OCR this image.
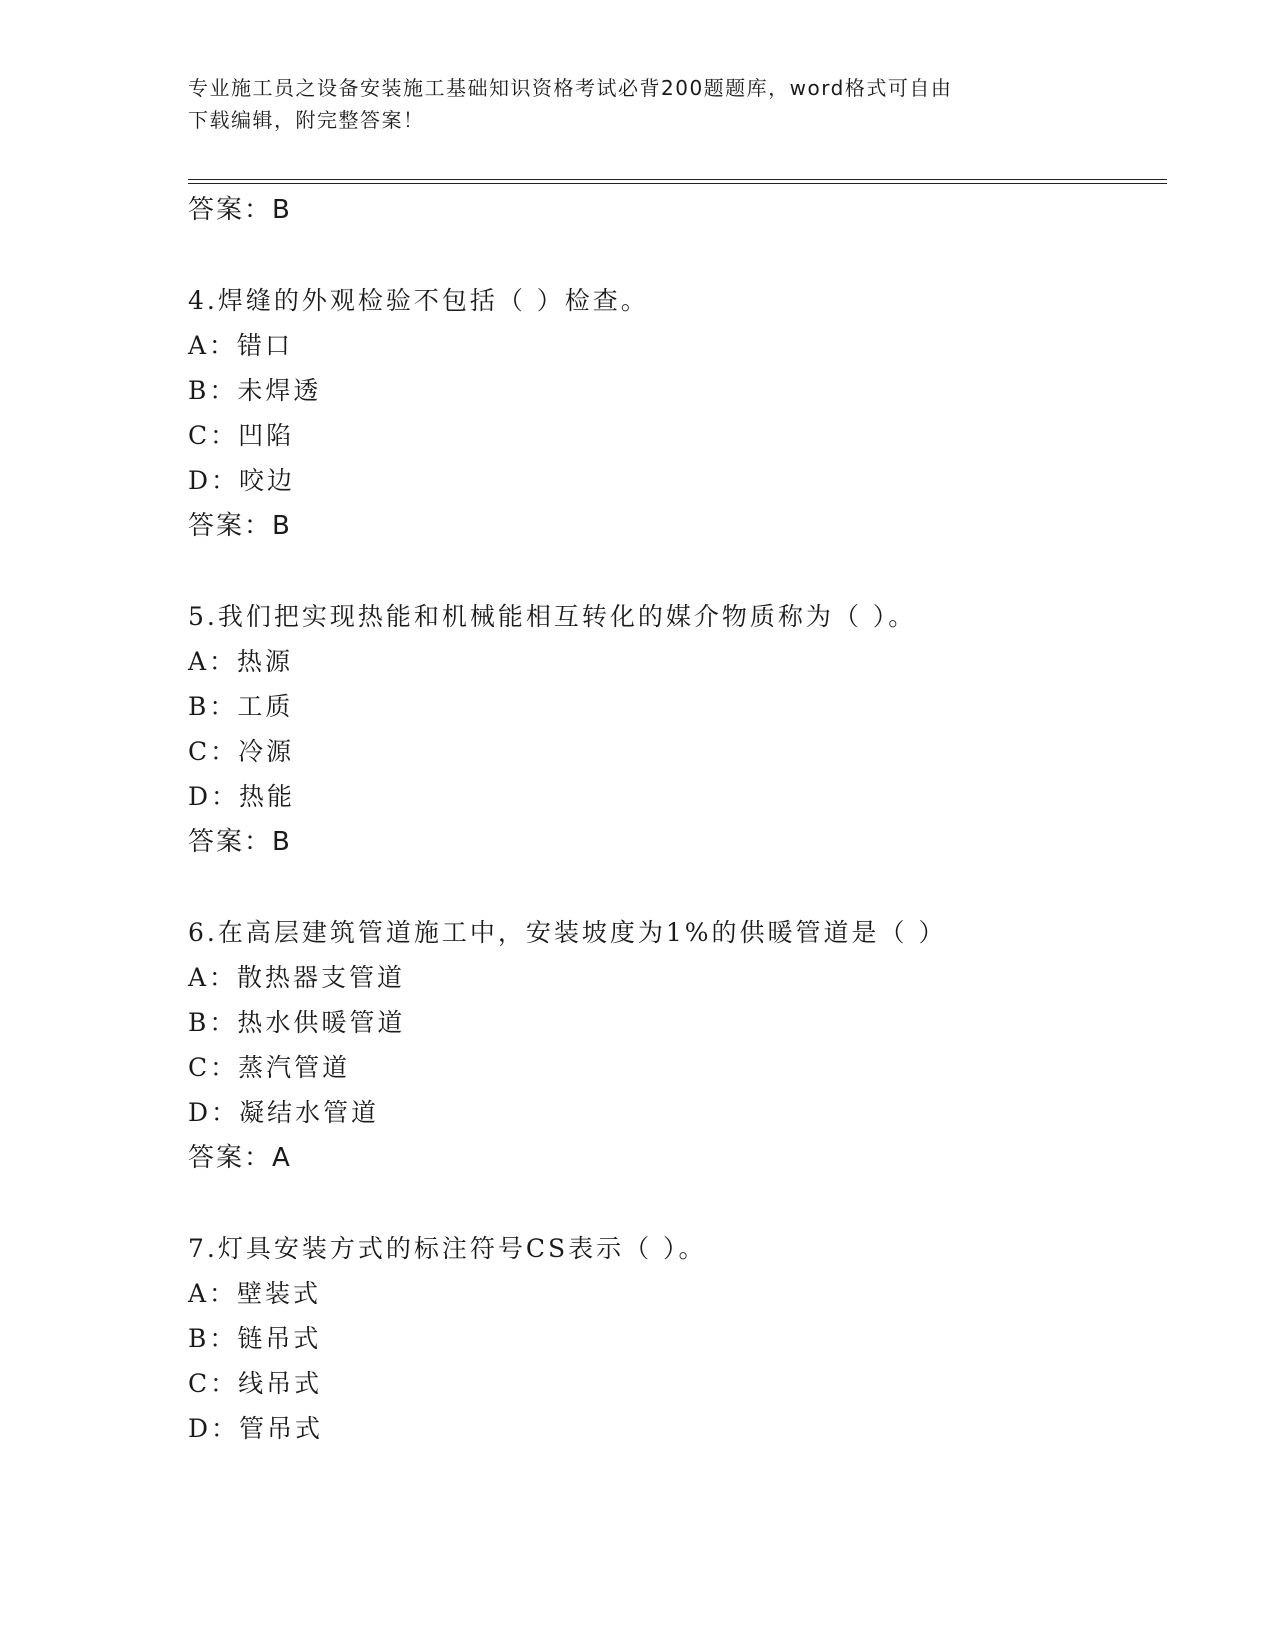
专业施工员之设备安装施工基础知识资格考试必背200题题库，word格式可自由
下载编辑，附完整答案！
答案：B
4.焊缝的外观检验不包括（ ）检查。
A：错口
B：未焊透
C：凹陷
D：咬边
答案：B
5.我们把实现热能和机械能相互转化的媒介物质称为（ ）。
A：热源
B：工质
C：冷源
D：热能
答案：B
6.在高层建筑管道施工中，安装坡度为1%的供暖管道是（ ）
A：散热器支管道
B：热水供暖管道
C：蒸汽管道
D：凝结水管道
答案：A
7.灯具安装方式的标注符号CS表示（ ）。
A：壁装式
B：链吊式
C：线吊式
D：管吊式
